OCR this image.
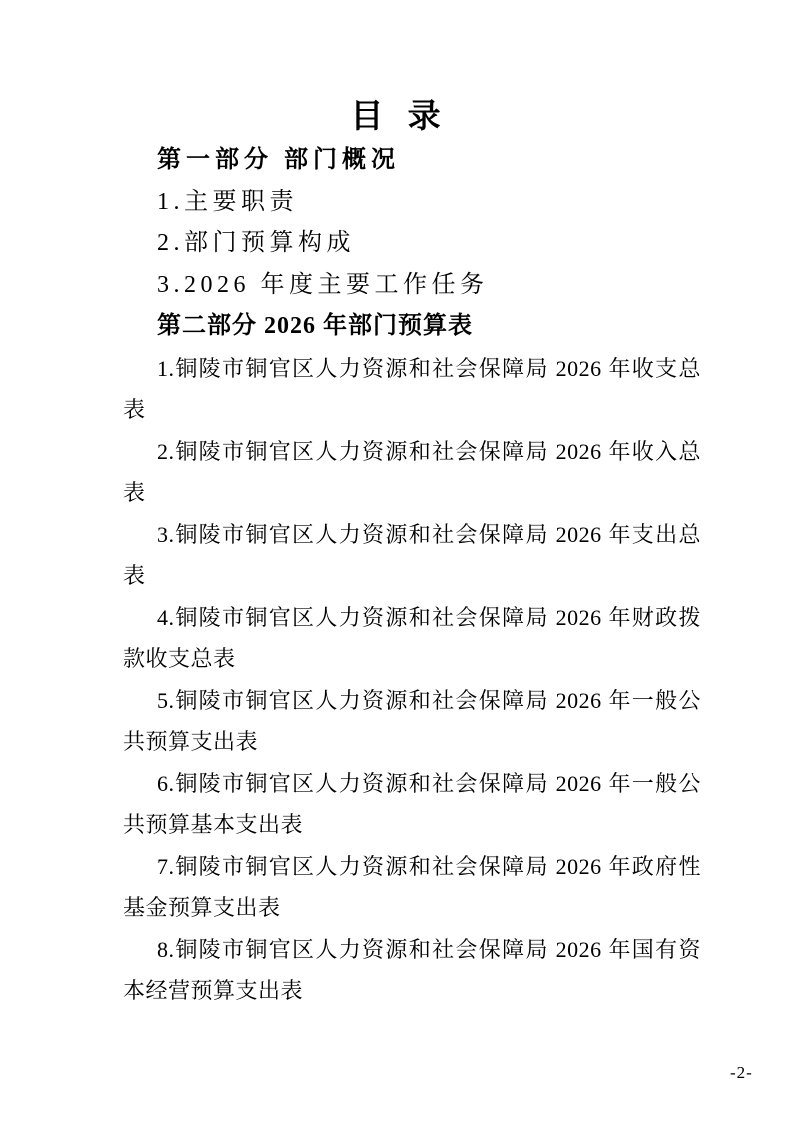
目  录
第一部分 部门概况
1.主要职责
2.部门预算构成
3.2026 年度主要工作任务
第二部分 2026 年部门预算表
1.铜陵市铜官区人力资源和社会保障局 2026 年收支总
表
2.铜陵市铜官区人力资源和社会保障局 2026 年收入总
表
3.铜陵市铜官区人力资源和社会保障局 2026 年支出总
表
4.铜陵市铜官区人力资源和社会保障局 2026 年财政拨
款收支总表
5.铜陵市铜官区人力资源和社会保障局 2026 年一般公
共预算支出表
6.铜陵市铜官区人力资源和社会保障局 2026 年一般公
共预算基本支出表
7.铜陵市铜官区人力资源和社会保障局 2026 年政府性
基金预算支出表
8.铜陵市铜官区人力资源和社会保障局 2026 年国有资
本经营预算支出表
-2-
